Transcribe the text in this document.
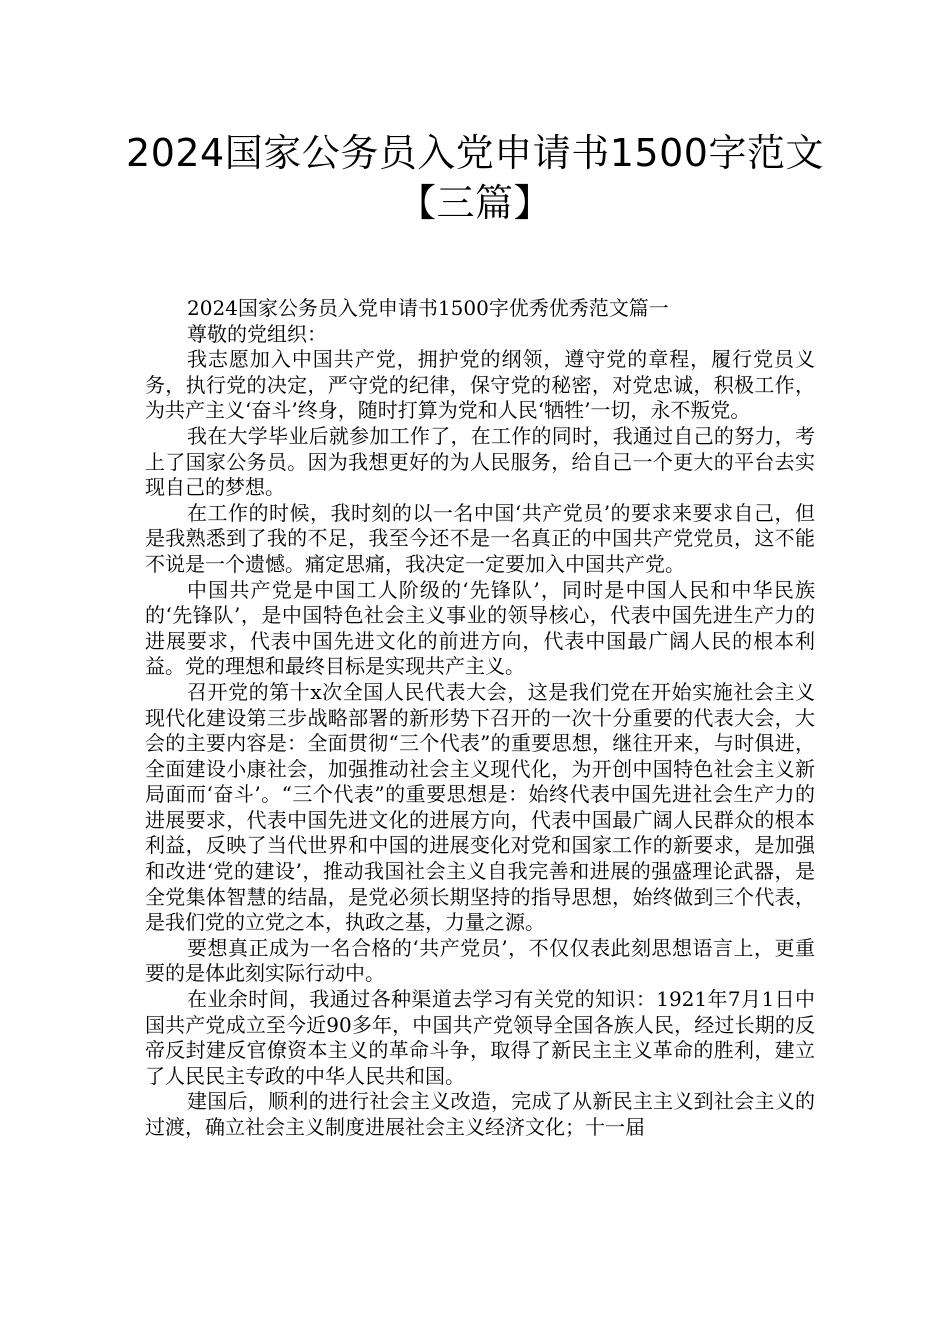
2024国家公务员入党申请书1500字范文【三篇】

2024国家公务员入党申请书1500字优秀优秀范文篇一

尊敬的党组织：

我志愿加入中国共产党，拥护党的纲领，遵守党的章程，履行党员义务，执行党的决定，严守党的纪律，保守党的秘密，对党忠诚，积极工作，为共产主义‘奋斗’终身，随时打算为党和人民‘牺牲’一切，永不叛党。

我在大学毕业后就参加工作了，在工作的同时，我通过自己的努力，考上了国家公务员。因为我想更好的为人民服务，给自己一个更大的平台去实现自己的梦想。

在工作的时候，我时刻的以一名中国‘共产党员’的要求来要求自己，但是我熟悉到了我的不足，我至今还不是一名真正的中国共产党党员，这不能不说是一个遗憾。痛定思痛，我决定一定要加入中国共产党。

中国共产党是中国工人阶级的‘先锋队’，同时是中国人民和中华民族的‘先锋队’，是中国特色社会主义事业的领导核心，代表中国先进生产力的进展要求，代表中国先进文化的前进方向，代表中国最广阔人民的根本利益。党的理想和最终目标是实现共产主义。

召开党的第十x次全国人民代表大会，这是我们党在开始实施社会主义现代化建设第三步战略部署的新形势下召开的一次十分重要的代表大会，大会的主要内容是：全面贯彻“三个代表”的重要思想，继往开来，与时俱进，全面建设小康社会，加强推动社会主义现代化，为开创中国特色社会主义新局面而‘奋斗’。“三个代表”的重要思想是：始终代表中国先进社会生产力的进展要求，代表中国先进文化的进展方向，代表中国最广阔人民群众的根本利益，反映了当代世界和中国的进展变化对党和国家工作的新要求，是加强和改进‘党的建设’，推动我国社会主义自我完善和进展的强盛理论武器，是全党集体智慧的结晶，是党必须长期坚持的指导思想，始终做到三个代表，是我们党的立党之本，执政之基，力量之源。

要想真正成为一名合格的‘共产党员’，不仅仅表此刻思想语言上，更重要的是体此刻实际行动中。

在业余时间，我通过各种渠道去学习有关党的知识：1921年7月1日中国共产党成立至今近90多年，中国共产党领导全国各族人民，经过长期的反帝反封建反官僚资本主义的革命斗争，取得了新民主主义革命的胜利，建立了人民民主专政的中华人民共和国。

建国后，顺利的进行社会主义改造，完成了从新民主主义到社会主义的过渡，确立社会主义制度进展社会主义经济文化；十一届
